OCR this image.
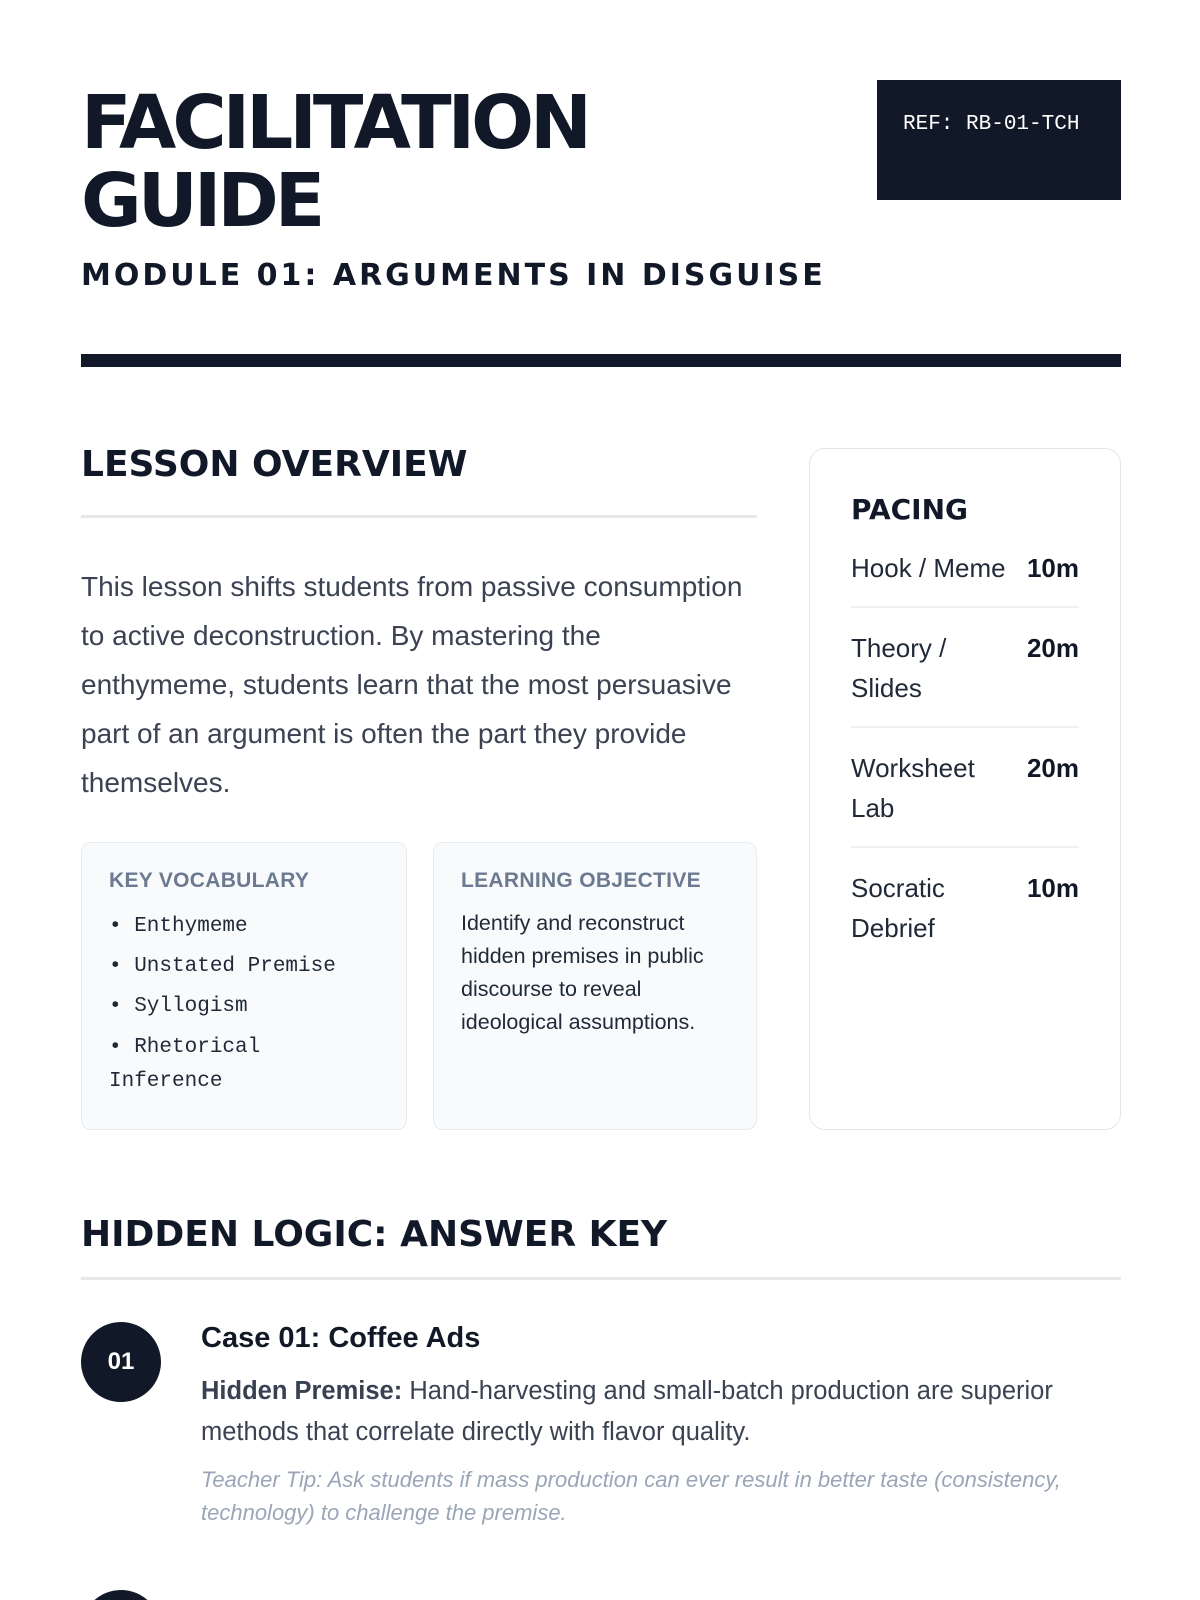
FACILITATION
GUIDE
MODULE 01: ARGUMENTS IN DISGUISE
REF: RB-01-TCH
LESSON OVERVIEW

This lesson shifts students from passive consumption to active deconstruction. By mastering the enthymeme, students learn that the most persuasive part of an argument is often the part they provide themselves.

KEY VOCABULARY
• Enthymeme
• Unstated Premise
• Syllogism
• Rhetorical Inference
LEARNING OBJECTIVE
Identify and reconstruct hidden premises in public discourse to reveal ideological assumptions.
PACING
Hook / Meme 10m
Theory / Slides
20m
Worksheet Lab
20m
Socratic Debrief
10m
HIDDEN LOGIC: ANSWER KEY
01
Case 01: Coffee Ads

Hidden Premise: Hand-harvesting and small-batch production are superior methods that correlate directly with flavor quality.

Teacher Tip: Ask students if mass production can ever result in better taste (consistency, technology) to challenge the premise.
